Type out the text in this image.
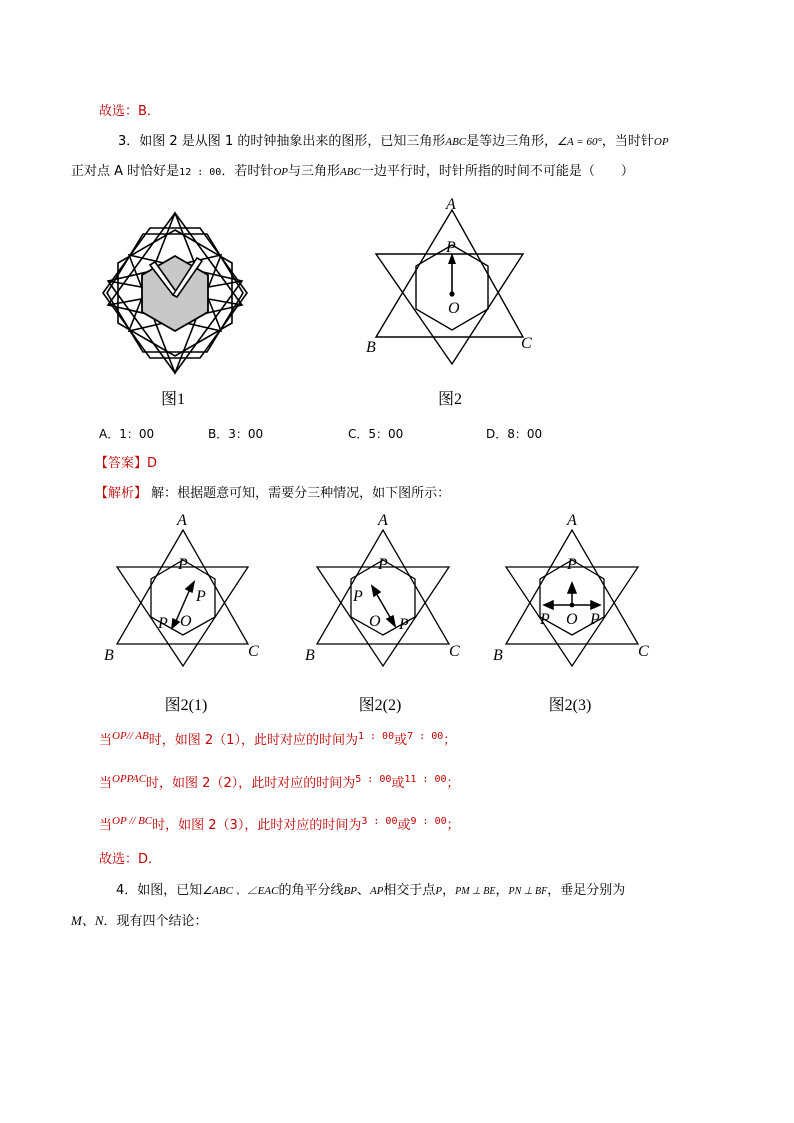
故选：B．
3．如图 2 是从图 1 的时钟抽象出来的图形，已知三角形ABC是等边三角形，∠A = 60°，当时针OP
正对点 A 时恰好是12 : 00．若时针OP与三角形ABC一边平行时，时针所指的时间不可能是（　　）
图1
A
P
O
B	C
图2
A．1：00	B．3：00	C．5：00	D．8：00
【答案】D
【解析】 解：根据题意可知，需要分三种情况，如下图所示：
A
P
P
O
P
B	C
图2(1)
A
P
P
O P
B	C
图2(2)
A
P
P O P
B	C
图2(3)
当$^{OP// AB}$时，如图 2（1），此时对应的时间为$^{1 : 00}$或$^{7 : 00}$；
当$^{OPPAC}$时，如图 2（2），此时对应的时间为$^{5 : 00}$或$^{11 : 00}$；
当$^{OP // BC}$时，如图 2（3），此时对应的时间为$^{3 : 00}$或$^{9 : 00}$；
故选：D．
4．如图，已知∠ABC 、∠EAC的角平分线BP、AP相交于点P，PM ⊥ BE，PN ⊥ BF，垂足分别为
M、N．现有四个结论：
